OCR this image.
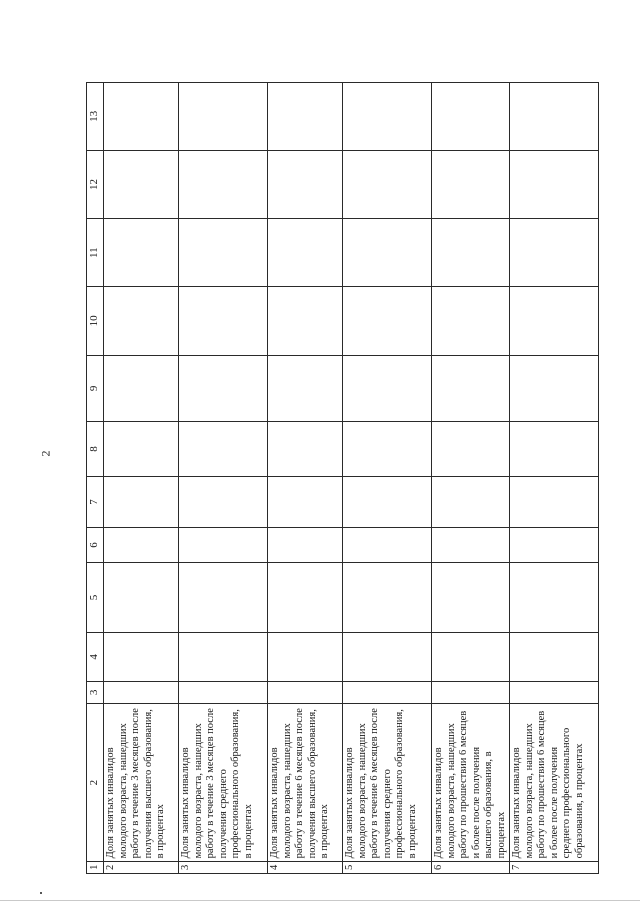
2
1	2	3	4	5	6	7	8	9	10	11	12	13
2	Доля занятых инвалидов молодого возраста, нашедших работу в течение 3 месяцев после получения высшего образования, в процентах											

3	Доля занятых инвалидов молодого возраста, нашедших работу в течение 3 месяцев после получения среднего профессионального образования, в процентах											

4	Доля занятых инвалидов молодого возраста, нашедших работу в течение 6 месяцев после получения высшего образования, в процентах											

5	Доля занятых инвалидов молодого возраста, нашедших работу в течение 6 месяцев после получения среднего профессионального образования, в процентах											

6	Доля занятых инвалидов молодого возраста, нашедших работу по прошествии 6 месяцев и более после получения высшего образования, в процентах											

7	Доля занятых инвалидов молодого возраста, нашедших работу по прошествии 6 месяцев и более после получения среднего профессионального образования, в процентах											
